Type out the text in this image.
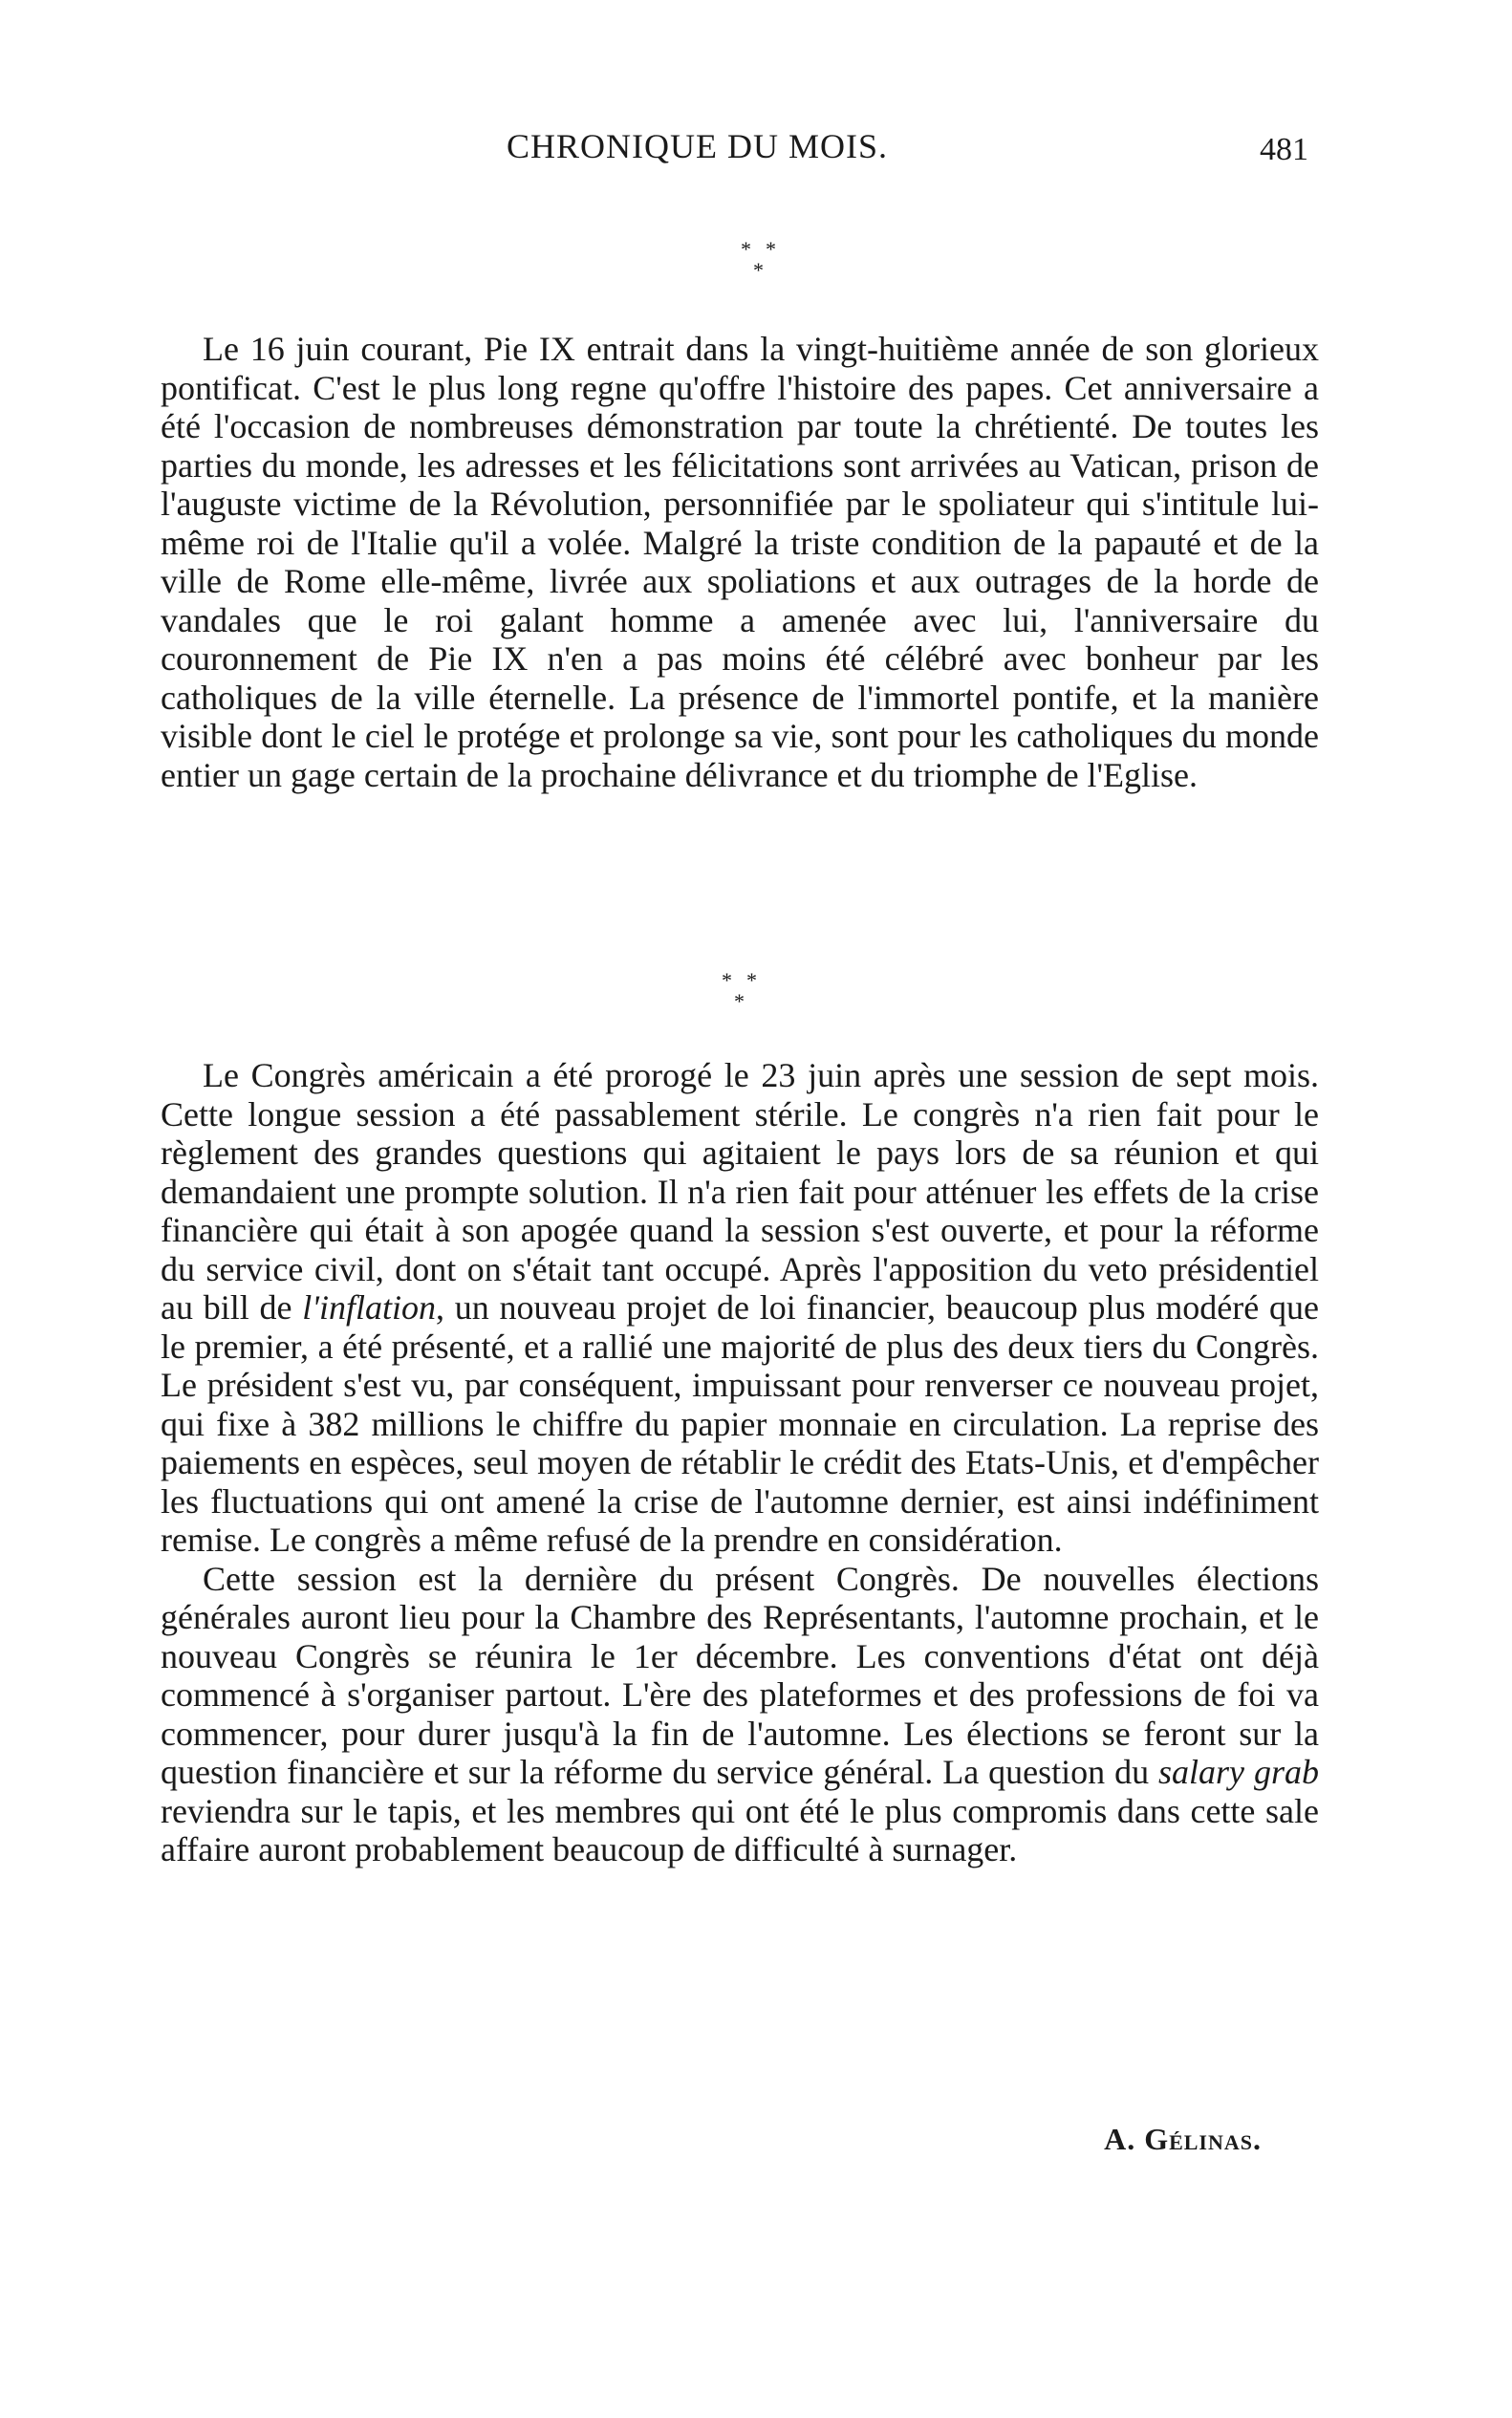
CHRONIQUE DU MOIS.	481
* *
*

Le 16 juin courant, Pie IX entrait dans la vingt-huitième année de son glorieux pontificat. C'est le plus long regne qu'offre l'histoire des papes. Cet anniversaire a été l'occasion de nombreuses démonstration par toute la chrétienté. De toutes les parties du monde, les adresses et les félicitations sont arrivées au Vatican, prison de l'auguste victime de la Révolution, personnifiée par le spoliateur qui s'intitule lui-même roi de l'Italie qu'il a volée. Malgré la triste condition de la papauté et de la ville de Rome elle-même, livrée aux spoliations et aux outrages de la horde de vandales que le roi galant homme a amenée avec lui, l'anniversaire du couronnement de Pie IX n'en a pas moins été célébré avec bonheur par les catholiques de la ville éternelle. La présence de l'immortel pontife, et la manière visible dont le ciel le protége et prolonge sa vie, sont pour les catholiques du monde entier un gage certain de la prochaine délivrance et du triomphe de l'Eglise.

* *
*

Le Congrès américain a été prorogé le 23 juin après une session de sept mois. Cette longue session a été passablement stérile. Le congrès n'a rien fait pour le règlement des grandes questions qui agitaient le pays lors de sa réunion et qui demandaient une prompte solution. Il n'a rien fait pour atténuer les effets de la crise financière qui était à son apogée quand la session s'est ouverte, et pour la réforme du service civil, dont on s'était tant occupé. Après l'apposition du veto présidentiel au bill de l'inflation, un nouveau projet de loi financier, beaucoup plus modéré que le premier, a été présenté, et a rallié une majorité de plus des deux tiers du Congrès. Le président s'est vu, par conséquent, impuissant pour renverser ce nouveau projet, qui fixe à 382 millions le chiffre du papier monnaie en circulation. La reprise des paiements en espèces, seul moyen de rétablir le crédit des Etats-Unis, et d'empêcher les fluctuations qui ont amené la crise de l'automne dernier, est ainsi indéfiniment remise. Le congrès a même refusé de la prendre en considération.

Cette session est la dernière du présent Congrès. De nouvelles élections générales auront lieu pour la Chambre des Représentants, l'automne prochain, et le nouveau Congrès se réunira le 1er décembre. Les conventions d'état ont déjà commencé à s'organiser partout. L'ère des plateformes et des professions de foi va commencer, pour durer jusqu'à la fin de l'automne. Les élections se feront sur la question financière et sur la réforme du service général. La question du salary grab reviendra sur le tapis, et les membres qui ont été le plus compromis dans cette sale affaire auront probablement beaucoup de difficulté à surnager.

A. Gélinas.
